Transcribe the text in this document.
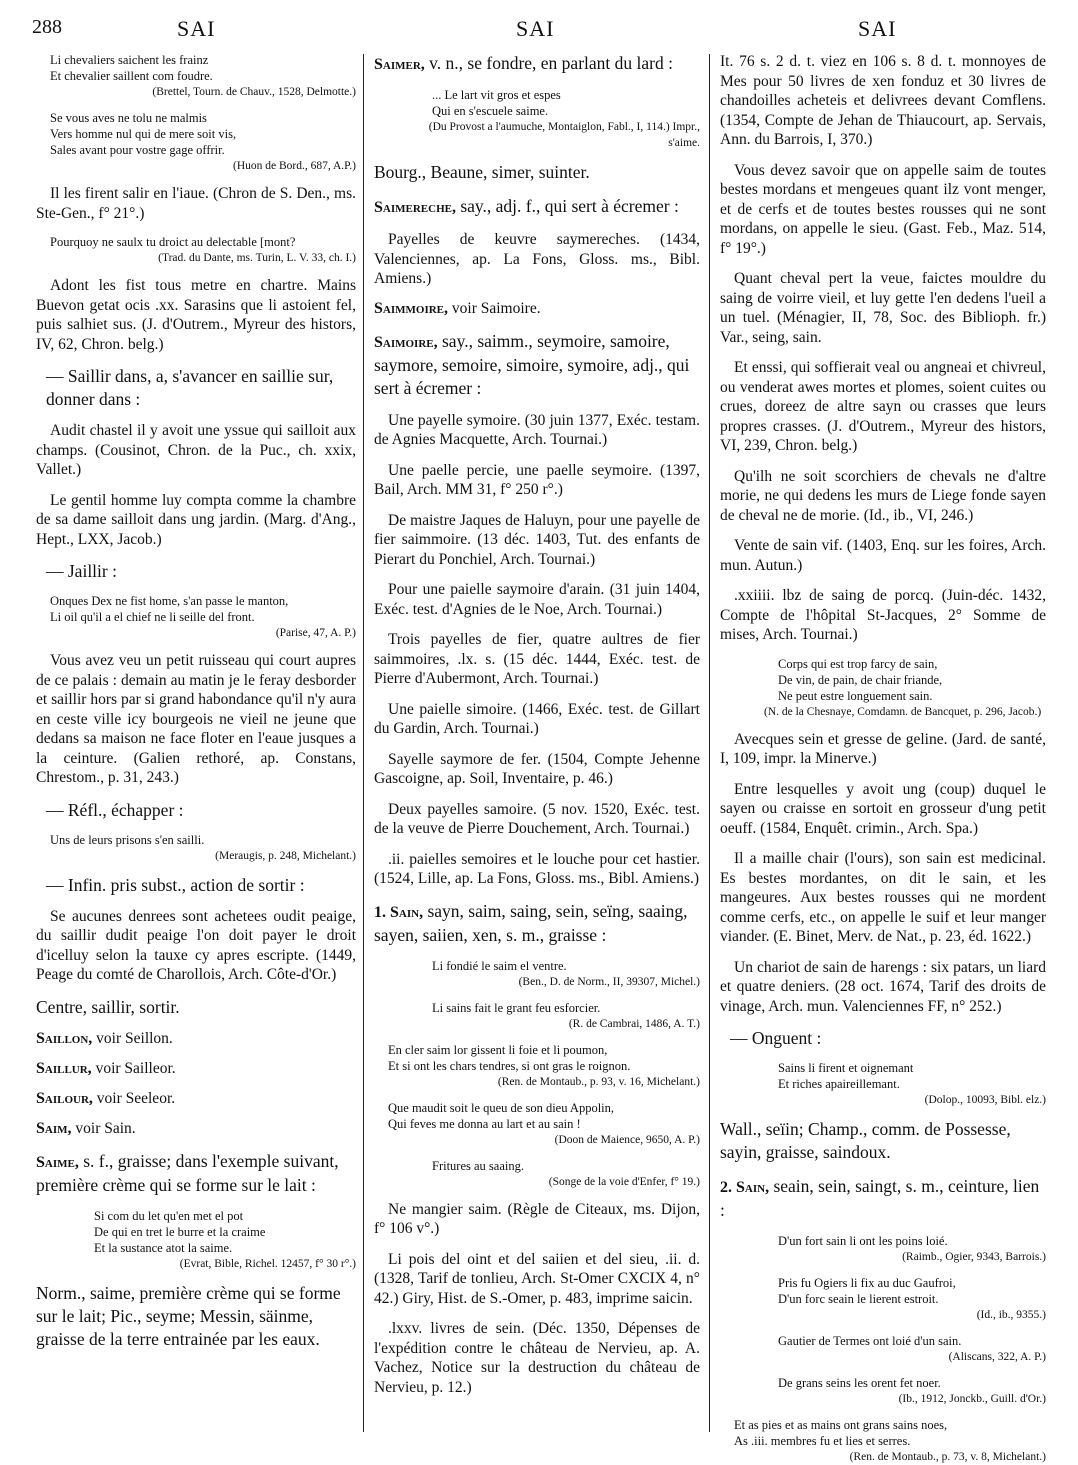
288	SAI	SAI	SAI
Li chevaliers saichent les frainz
Et chevalier saillent com foudre.
(Brettel, Tourn. de Chauv., 1528, Delmotte.)
Se vous aves ne tolu ne malmis
Vers homme nul qui de mere soit vis,
Sales avant pour vostre gage offrir.
(Huon de Bord., 687, A.P.)
Il les firent salir en l'iaue. (Chron de S. Den., ms. Ste-Gen., f° 21°.)
Pourquoy ne saulx tu droict au delectable [mont?
(Trad. du Dante, ms. Turin, L. V. 33, ch. I.)
Adont les fist tous metre en chartre. Mains Buevon getat ocis .xx. Sarasins que li astoient fel, puis salhiet sus. (J. d'Outrem., Myreur des histors, IV, 62, Chron. belg.)
— Saillir dans, a, s'avancer en saillie sur, donner dans :
Audit chastel il y avoit une yssue qui sailloit aux champs. (Cousinot, Chron. de la Puc., ch. xxix, Vallet.)
Le gentil homme luy compta comme la chambre de sa dame sailloit dans ung jardin. (Marg. d'Ang., Hept., LXX, Jacob.)
— Jaillir :
Onques Dex ne fist home, s'an passe le manton,
Li oil qu'il a el chief ne li seille del front.
(Parise, 47, A. P.)
Vous avez veu un petit ruisseau qui court aupres de ce palais : demain au matin je le feray desborder et saillir hors par si grand habondance qu'il n'y aura en ceste ville icy bourgeois ne vieil ne jeune que dedans sa maison ne face floter en l'eaue jusques a la ceinture. (Galien rethoré, ap. Constans, Chrestom., p. 31, 243.)
— Réfl., échapper :
Uns de leurs prisons s'en sailli.
(Meraugis, p. 248, Michelant.)
— Infin. pris subst., action de sortir :
Se aucunes denrees sont achetees oudit peaige, du saillir dudit peaige l'on doit payer le droit d'icelluy selon la tauxe cy apres escripte. (1449, Peage du comté de Charollois, Arch. Côte-d'Or.)
Centre, saillir, sortir.
Saillon, voir Seillon.
Saillur, voir Sailleor.
Sailour, voir Seeleor.
Saim, voir Sain.
Saime, s. f., graisse; dans l'exemple suivant, première crème qui se forme sur le lait :
Si com du let qu'en met el pot
De qui en tret le burre et la craime
Et la sustance atot la saime.
(Evrat, Bible, Richel. 12457, f° 30 r°.)
Norm., saime, première crème qui se forme sur le lait; Pic., seyme; Messin, säinme, graisse de la terre entrainée par les eaux.
Saimer, v. n., se fondre, en parlant du lard :
... Le lart vit gros et espes
Qui en s'escuele saime.
(Du Provost a l'aumuche, Montaiglon, Fabl., I, 114.) Impr., s'aime.
Bourg., Beaune, simer, suinter.
Saimereche, say., adj. f., qui sert à écremer :
Payelles de keuvre saymereches. (1434, Valenciennes, ap. La Fons, Gloss. ms., Bibl. Amiens.)
Saimmoire, voir Saimoire.
Saimoire, say., saimm., seymoire, samoire, saymore, semoire, simoire, symoire, adj., qui sert à écremer :
Une payelle symoire. (30 juin 1377, Exéc. testam. de Agnies Macquette, Arch. Tournai.)
Une paelle percie, une paelle seymoire. (1397, Bail, Arch. MM 31, f° 250 r°.)
De maistre Jaques de Haluyn, pour une payelle de fier saimmoire. (13 déc. 1403, Tut. des enfants de Pierart du Ponchiel, Arch. Tournai.)
Pour une paielle saymoire d'arain. (31 juin 1404, Exéc. test. d'Agnies de le Noe, Arch. Tournai.)
Trois payelles de fier, quatre aultres de fier saimmoires, .lx. s. (15 déc. 1444, Exéc. test. de Pierre d'Aubermont, Arch. Tournai.)
Une paielle simoire. (1466, Exéc. test. de Gillart du Gardin, Arch. Tournai.)
Sayelle saymore de fer. (1504, Compte Jehenne Gascoigne, ap. Soil, Inventaire, p. 46.)
Deux payelles samoire. (5 nov. 1520, Exéc. test. de la veuve de Pierre Douchement, Arch. Tournai.)
.ii. paielles semoires et le louche pour cet hastier. (1524, Lille, ap. La Fons, Gloss. ms., Bibl. Amiens.)
1. Sain, sayn, saim, saing, sein, seïng, saaing, sayen, saiien, xen, s. m., graisse :
Li fondié le saim el ventre.
(Ben., D. de Norm., II, 39307, Michel.)
Li sains fait le grant feu esforcier.
(R. de Cambrai, 1486, A. T.)
En cler saim lor gissent li foie et li poumon,
Et si ont les chars tendres, si ont gras le roignon.
(Ren. de Montaub., p. 93, v. 16, Michelant.)
Que maudit soit le queu de son dieu Appolin,
Qui feves me donna au lart et au sain !
(Doon de Maience, 9650, A. P.)
Fritures au saaing.
(Songe de la voie d'Enfer, f° 19.)
Ne mangier saim. (Règle de Citeaux, ms. Dijon, f° 106 v°.)
Li pois del oint et del saiien et del sieu, .ii. d. (1328, Tarif de tonlieu, Arch. St-Omer CXCIX 4, n° 42.) Giry, Hist. de S.-Omer, p. 483, imprime saicin.
.lxxv. livres de sein. (Déc. 1350, Dépenses de l'expédition contre le château de Nervieu, ap. A. Vachez, Notice sur la destruction du château de Nervieu, p. 12.)
It. 76 s. 2 d. t. viez en 106 s. 8 d. t. monnoyes de Mes pour 50 livres de xen fonduz et 30 livres de chandoilles acheteis et delivrees devant Comflens. (1354, Compte de Jehan de Thiaucourt, ap. Servais, Ann. du Barrois, I, 370.)
Vous devez savoir que on appelle saim de toutes bestes mordans et mengeues quant ilz vont menger, et de cerfs et de toutes bestes rousses qui ne sont mordans, on appelle le sieu. (Gast. Feb., Maz. 514, f° 19°.)
Quant cheval pert la veue, faictes mouldre du saing de voirre vieil, et luy gette l'en dedens l'ueil a un tuel. (Ménagier, II, 78, Soc. des Biblioph. fr.) Var., seing, sain.
Et enssi, qui soffierait veal ou angneai et chivreul, ou venderat awes mortes et plomes, soient cuites ou crues, doreez de altre sayn ou crasses que leurs propres crasses. (J. d'Outrem., Myreur des histors, VI, 239, Chron. belg.)
Qu'ilh ne soit scorchiers de chevals ne d'altre morie, ne qui dedens les murs de Liege fonde sayen de cheval ne de morie. (Id., ib., VI, 246.)
Vente de sain vif. (1403, Enq. sur les foires, Arch. mun. Autun.)
.xxiiii. lbz de saing de porcq. (Juin-déc. 1432, Compte de l'hôpital St-Jacques, 2° Somme de mises, Arch. Tournai.)
Corps qui est trop farcy de sain,
De vin, de pain, de chair friande,
Ne peut estre longuement sain.
(N. de la Chesnaye, Comdamn. de Bancquet, p. 296, Jacob.)
Avecques sein et gresse de geline. (Jard. de santé, I, 109, impr. la Minerve.)
Entre lesquelles y avoit ung (coup) duquel le sayen ou craisse en sortoit en grosseur d'ung petit oeuff. (1584, Enquêt. crimin., Arch. Spa.)
Il a maille chair (l'ours), son sain est medicinal. Es bestes mordantes, on dit le sain, et les mangeures. Aux bestes rousses qui ne mordent comme cerfs, etc., on appelle le suif et leur manger viander. (E. Binet, Merv. de Nat., p. 23, éd. 1622.)
Un chariot de sain de harengs : six patars, un liard et quatre deniers. (28 oct. 1674, Tarif des droits de vinage, Arch. mun. Valenciennes FF, n° 252.)
— Onguent :
Sains li firent et oignemant
Et riches apaireillemant.
(Dolop., 10093, Bibl. elz.)
Wall., seïin; Champ., comm. de Possesse, sayin, graisse, saindoux.
2. Sain, seain, sein, saingt, s. m., ceinture, lien :
D'un fort sain li ont les poins loié.
(Raimb., Ogier, 9343, Barrois.)
Pris fu Ogiers li fix au duc Gaufroi,
D'un forc seain le lierent estroit.
(Id., ib., 9355.)
Gautier de Termes ont loié d'un sain.
(Aliscans, 322, A. P.)
De grans seins les orent fet noer.
(Ib., 1912, Jonckb., Guill. d'Or.)
Et as pies et as mains ont grans sains noes,
As .iii. membres fu et lies et serres.
(Ren. de Montaub., p. 73, v. 8, Michelant.)
